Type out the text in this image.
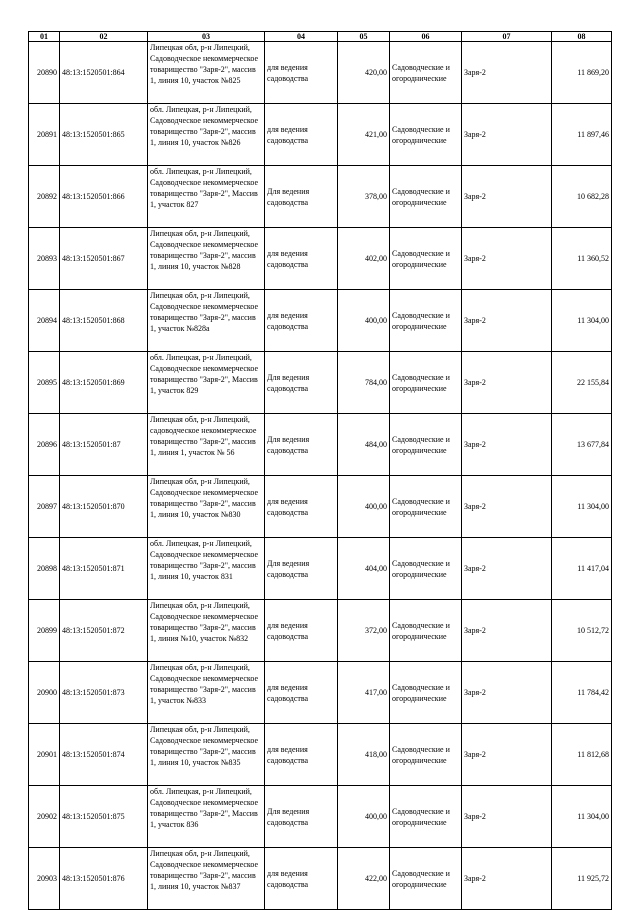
01	02	03	04	05	06	07	08
20890	48:13:1520501:864	Липецкая обл, р-н Липецкий, Садоводческое некоммерческое товарищество "Заря-2", массив 1, линия 10, участок №825	для ведения садоводства	420,00	Садоводческие и огороднические	Заря-2	11 869,20
20891	48:13:1520501:865	обл. Липецкая, р-н Липецкий, Садоводческое некоммерческое товарищество "Заря-2", массив 1, линия 10, участок №826	для ведения садоводства	421,00	Садоводческие и огороднические	Заря-2	11 897,46
20892	48:13:1520501:866	обл. Липецкая, р-н Липецкий, Садоводческое некоммерческое товарищество "Заря-2", Массив 1, участок 827	Для ведения садоводства	378,00	Садоводческие и огороднические	Заря-2	10 682,28
20893	48:13:1520501:867	Липецкая обл, р-н Липецкий, Садоводческое некоммерческое товарищество "Заря-2", массив 1, линия 10, участок №828	для ведения садоводства	402,00	Садоводческие и огороднические	Заря-2	11 360,52
20894	48:13:1520501:868	Липецкая обл, р-н Липецкий, Садоводческое некоммерческое товарищество "Заря-2", массив 1, участок №828а	для ведения садоводства	400,00	Садоводческие и огороднические	Заря-2	11 304,00
20895	48:13:1520501:869	обл. Липецкая, р-н Липецкий, Садоводческое некоммерческое товарищество "Заря-2", Массив 1, участок 829	Для ведения садоводства	784,00	Садоводческие и огороднические	Заря-2	22 155,84
20896	48:13:1520501:87	Липецкая обл, р-н Липецкий, садоводческое некоммерческое товарищество "Заря-2", массив 1, линия 1, участок № 56	Для ведения садоводства	484,00	Садоводческие и огороднические	Заря-2	13 677,84
20897	48:13:1520501:870	Липецкая обл, р-н Липецкий, Садоводческое некоммерческое товарищество "Заря-2", массив 1, линия 10, участок №830	для ведения садоводства	400,00	Садоводческие и огороднические	Заря-2	11 304,00
20898	48:13:1520501:871	обл. Липецкая, р-н Липецкий, Садоводческое некоммерческое товарищество "Заря-2", массив 1, линия 10, участок 831	Для ведения садоводства	404,00	Садоводческие и огороднические	Заря-2	11 417,04
20899	48:13:1520501:872	Липецкая обл, р-н Липецкий, Садоводческое некоммерческое товарищество "Заря-2", массив 1, линия №10, участок №832	для ведения садоводства	372,00	Садоводческие и огороднические	Заря-2	10 512,72
20900	48:13:1520501:873	Липецкая обл, р-н Липецкий, Садоводческое некоммерческое товарищество "Заря-2", массив 1, участок №833	для ведения садоводства	417,00	Садоводческие и огороднические	Заря-2	11 784,42
20901	48:13:1520501:874	Липецкая обл, р-н Липецкий, Садоводческое некоммерческое товарищество "Заря-2", массив 1, линия 10, участок №835	для ведения садоводства	418,00	Садоводческие и огороднические	Заря-2	11 812,68
20902	48:13:1520501:875	обл. Липецкая, р-н Липецкий, Садоводческое некоммерческое товарищество "Заря-2", Массив 1, участок 836	Для ведения садоводства	400,00	Садоводческие и огороднические	Заря-2	11 304,00
20903	48:13:1520501:876	Липецкая обл, р-н Липецкий, Садоводческое некоммерческое товарищество "Заря-2", массив 1, линия 10, участок №837	для ведения садоводства	422,00	Садоводческие и огороднические	Заря-2	11 925,72
